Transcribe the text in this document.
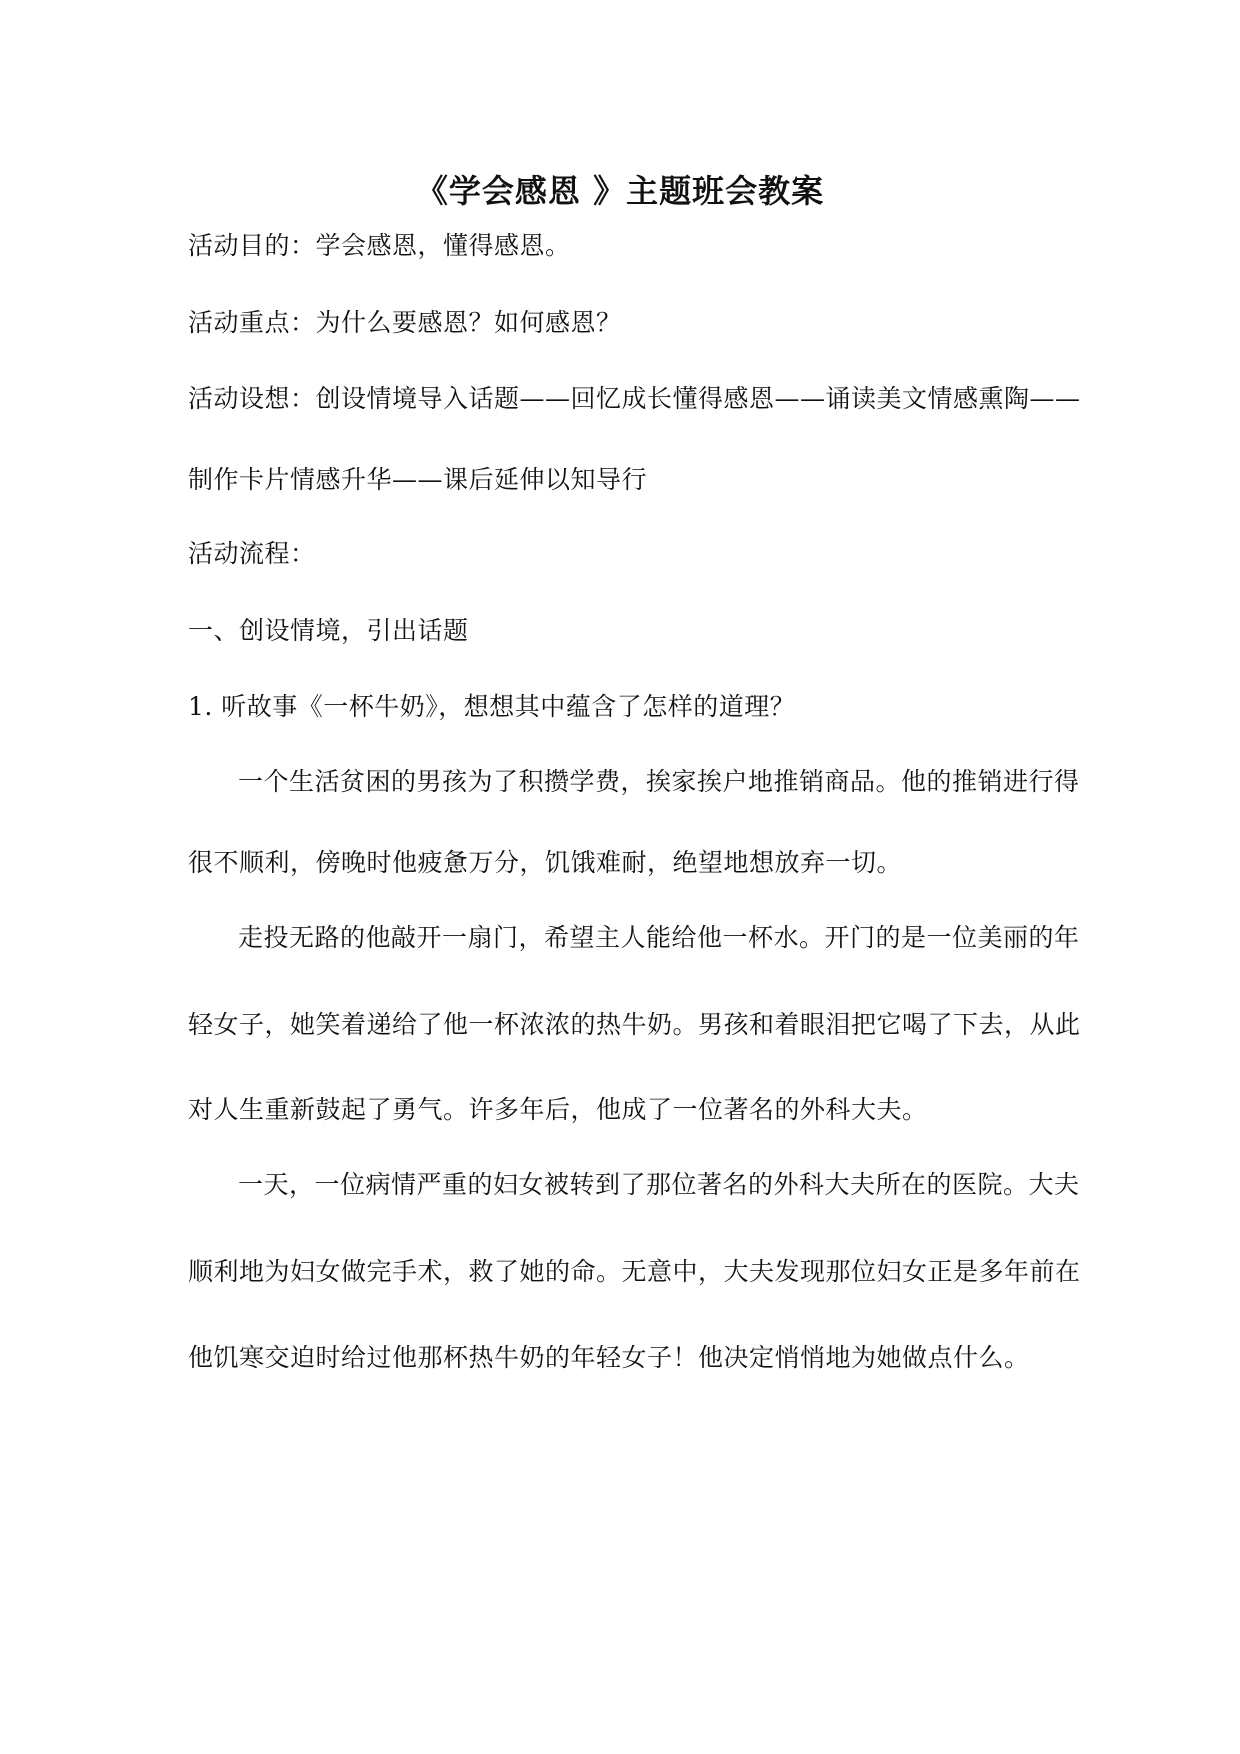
《学会感恩 》主题班会教案
活动目的：学会感恩，懂得感恩。
活动重点：为什么要感恩？如何感恩？
活动设想：创设情境导入话题——回忆成长懂得感恩——诵读美文情感熏陶——
制作卡片情感升华——课后延伸以知导行
活动流程：
一、创设情境，引出话题
1. 听故事《一杯牛奶》，想想其中蕴含了怎样的道理？
一个生活贫困的男孩为了积攒学费，挨家挨户地推销商品。他的推销进行得
很不顺利，傍晚时他疲惫万分，饥饿难耐，绝望地想放弃一切。
走投无路的他敲开一扇门，希望主人能给他一杯水。开门的是一位美丽的年
轻女子，她笑着递给了他一杯浓浓的热牛奶。男孩和着眼泪把它喝了下去，从此
对人生重新鼓起了勇气。许多年后，他成了一位著名的外科大夫。
一天，一位病情严重的妇女被转到了那位著名的外科大夫所在的医院。大夫
顺利地为妇女做完手术，救了她的命。无意中，大夫发现那位妇女正是多年前在
他饥寒交迫时给过他那杯热牛奶的年轻女子！他决定悄悄地为她做点什么。
